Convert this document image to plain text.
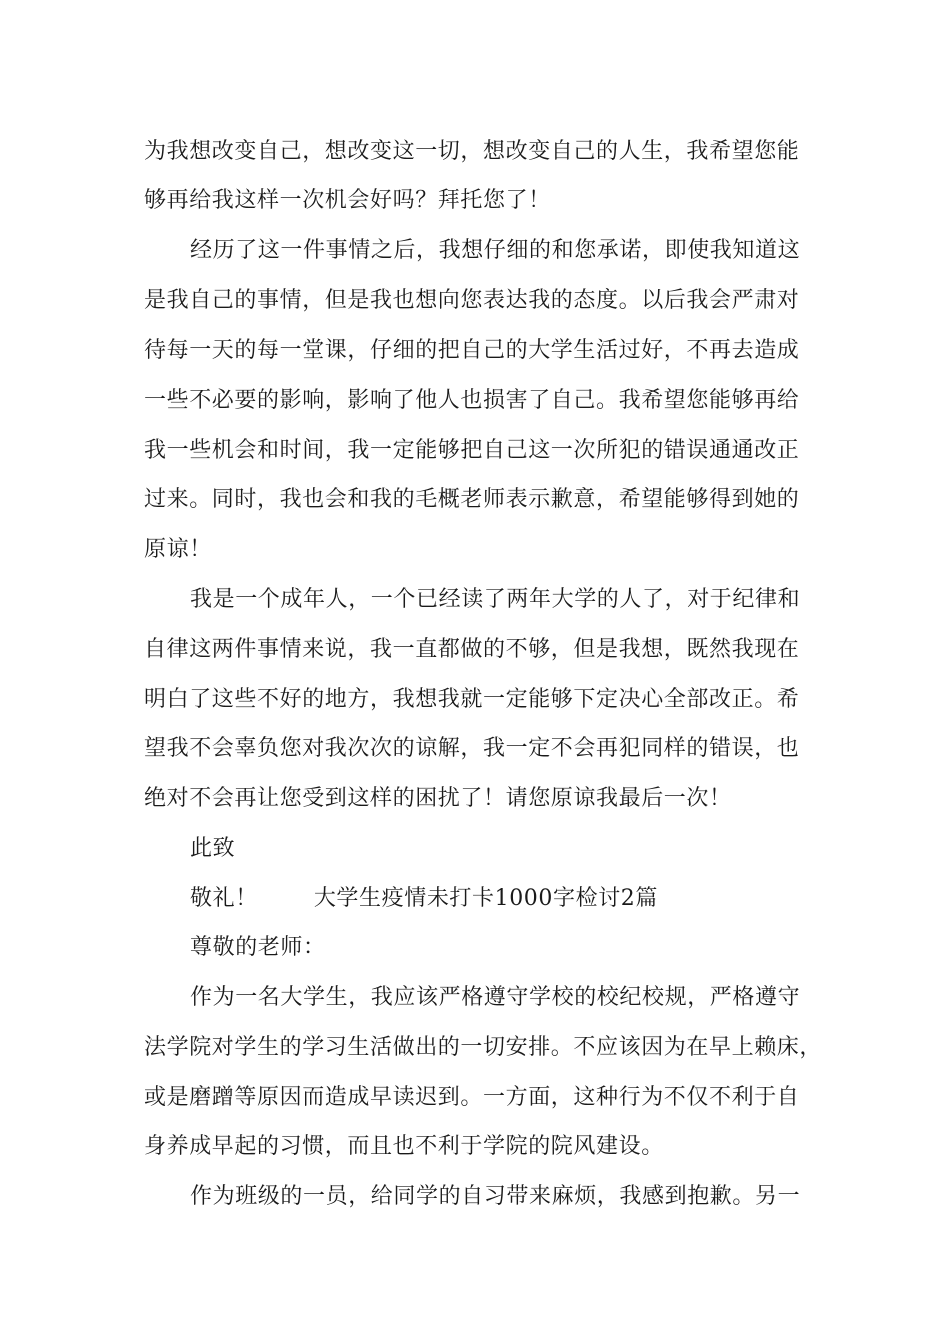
为我想改变自己，想改变这一切，想改变自己的人生，我希望您能

够再给我这样一次机会好吗？拜托您了！

经历了这一件事情之后，我想仔细的和您承诺，即使我知道这

是我自己的事情，但是我也想向您表达我的态度。以后我会严肃对

待每一天的每一堂课，仔细的把自己的大学生活过好，不再去造成

一些不必要的影响，影响了他人也损害了自己。我希望您能够再给

我一些机会和时间，我一定能够把自己这一次所犯的错误通通改正

过来。同时，我也会和我的毛概老师表示歉意，希望能够得到她的

原谅！

我是一个成年人，一个已经读了两年大学的人了，对于纪律和

自律这两件事情来说，我一直都做的不够，但是我想，既然我现在

明白了这些不好的地方，我想我就一定能够下定决心全部改正。希

望我不会辜负您对我次次的谅解，我一定不会再犯同样的错误，也

绝对不会再让您受到这样的困扰了！请您原谅我最后一次！

此致

敬礼！	大学生疫情未打卡1000字检讨2篇

尊敬的老师：

作为一名大学生，我应该严格遵守学校的校纪校规，严格遵守

法学院对学生的学习生活做出的一切安排。不应该因为在早上赖床，

或是磨蹭等原因而造成早读迟到。一方面，这种行为不仅不利于自

身养成早起的习惯，而且也不利于学院的院风建设。

作为班级的一员，给同学的自习带来麻烦，我感到抱歉。另一
